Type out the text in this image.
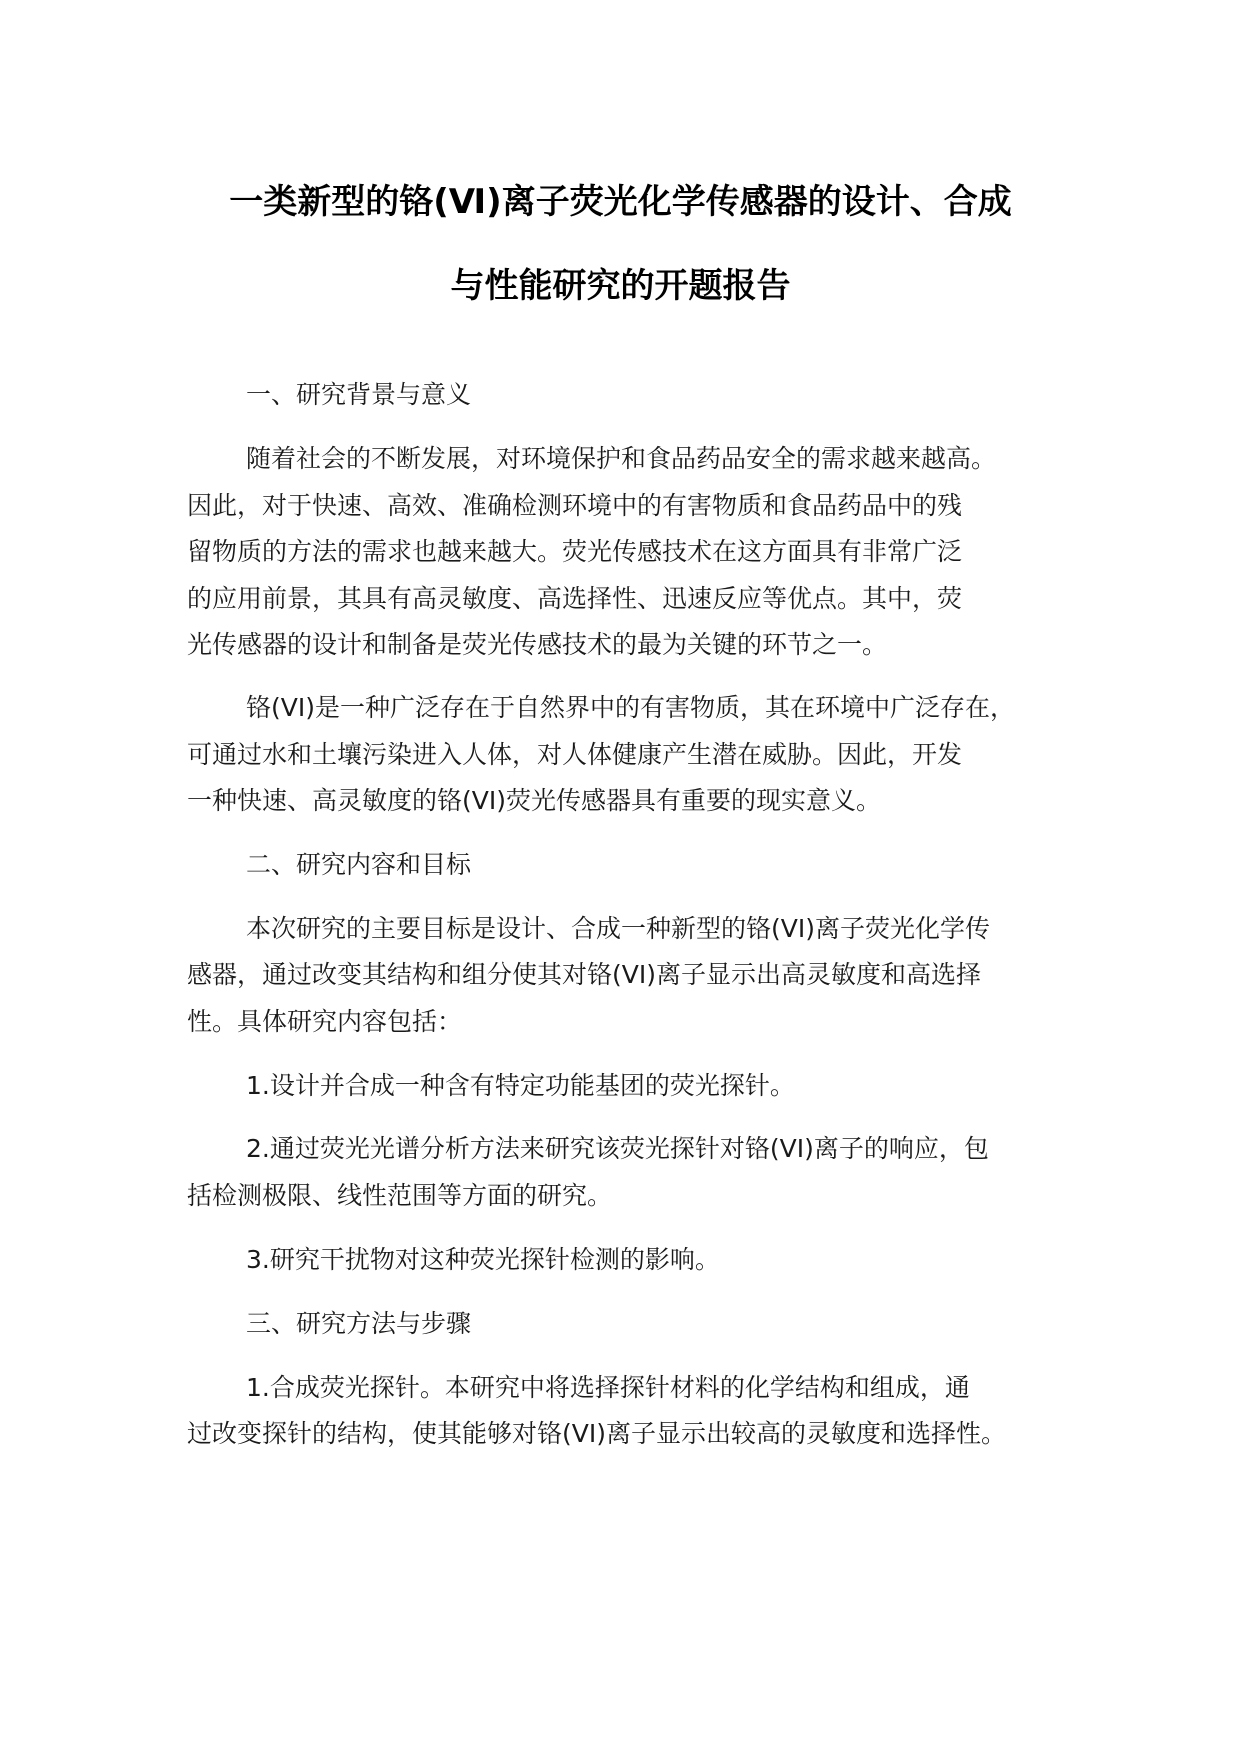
一类新型的铬(Ⅵ)离子荧光化学传感器的设计、合成
与性能研究的开题报告
一、研究背景与意义
随着社会的不断发展，对环境保护和食品药品安全的需求越来越高。
因此，对于快速、高效、准确检测环境中的有害物质和食品药品中的残
留物质的方法的需求也越来越大。荧光传感技术在这方面具有非常广泛
的应用前景，其具有高灵敏度、高选择性、迅速反应等优点。其中，荧
光传感器的设计和制备是荧光传感技术的最为关键的环节之一。
铬(VI)是一种广泛存在于自然界中的有害物质，其在环境中广泛存在，
可通过水和土壤污染进入人体，对人体健康产生潜在威胁。因此，开发
一种快速、高灵敏度的铬(VI)荧光传感器具有重要的现实意义。
二、研究内容和目标
本次研究的主要目标是设计、合成一种新型的铬(VI)离子荧光化学传
感器，通过改变其结构和组分使其对铬(VI)离子显示出高灵敏度和高选择
性。具体研究内容包括：
1.设计并合成一种含有特定功能基团的荧光探针。
2.通过荧光光谱分析方法来研究该荧光探针对铬(VI)离子的响应，包
括检测极限、线性范围等方面的研究。
3.研究干扰物对这种荧光探针检测的影响。
三、研究方法与步骤
1.合成荧光探针。本研究中将选择探针材料的化学结构和组成，通
过改变探针的结构，使其能够对铬(VI)离子显示出较高的灵敏度和选择性。
